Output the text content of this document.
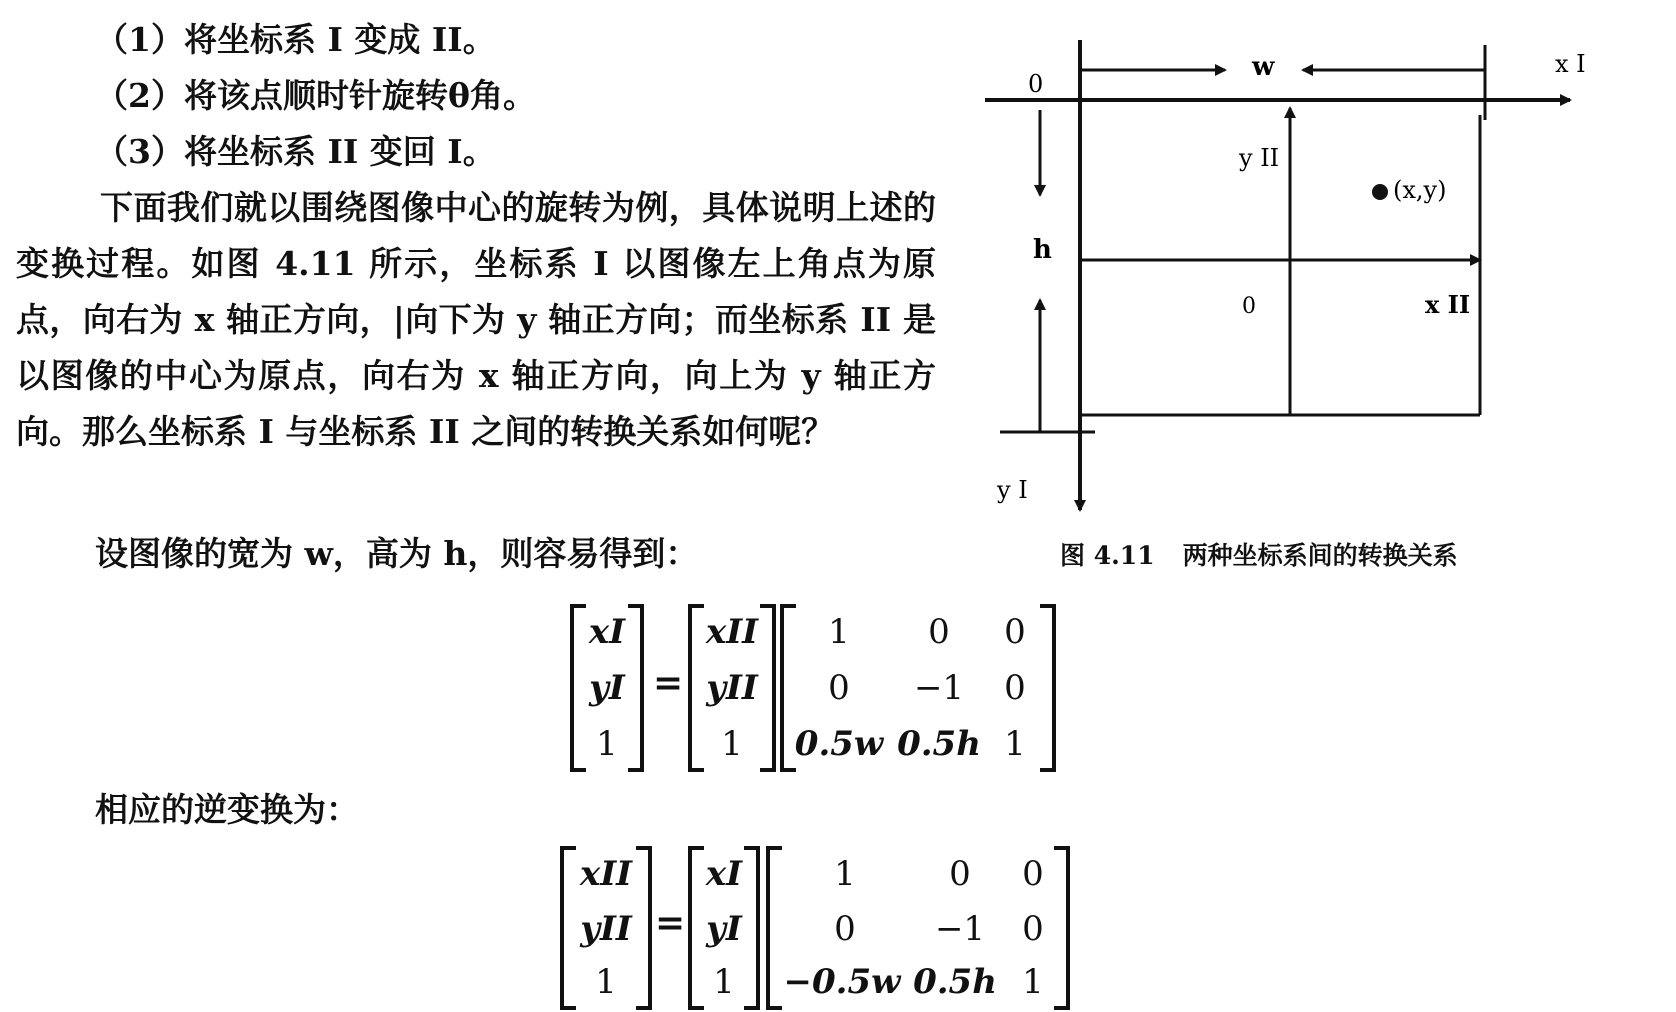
（1）将坐标系 I 变成 II。
（2）将该点顺时针旋转θ角。
（3）将坐标系 II 变回 I。
下面我们就以围绕图像中心的旋转为例，具体说明上述的变换过程。如图 4.11 所示，坐标系 I 以图像左上角点为原点，向右为 x 轴正方向，|向下为 y 轴正方向；而坐标系 II 是以图像的中心为原点，向右为 x 轴正方向，向上为 y 轴正方向。那么坐标系 I 与坐标系 II 之间的转换关系如何呢？
设图像的宽为 w，高为 h，则容易得到：
0
x I
y I
w
h
y II
x II
0
(x,y)
图 4.11 两种坐标系间的转换关系
xI
yI
1
=
xII
yII
1
1	0	0
0	−1	0
0.5w 0.5h 1
相应的逆变换为：
xII
yII
1
=
xI
yI
1
1	0	0
0	−1	0
−0.5w 0.5h 1
